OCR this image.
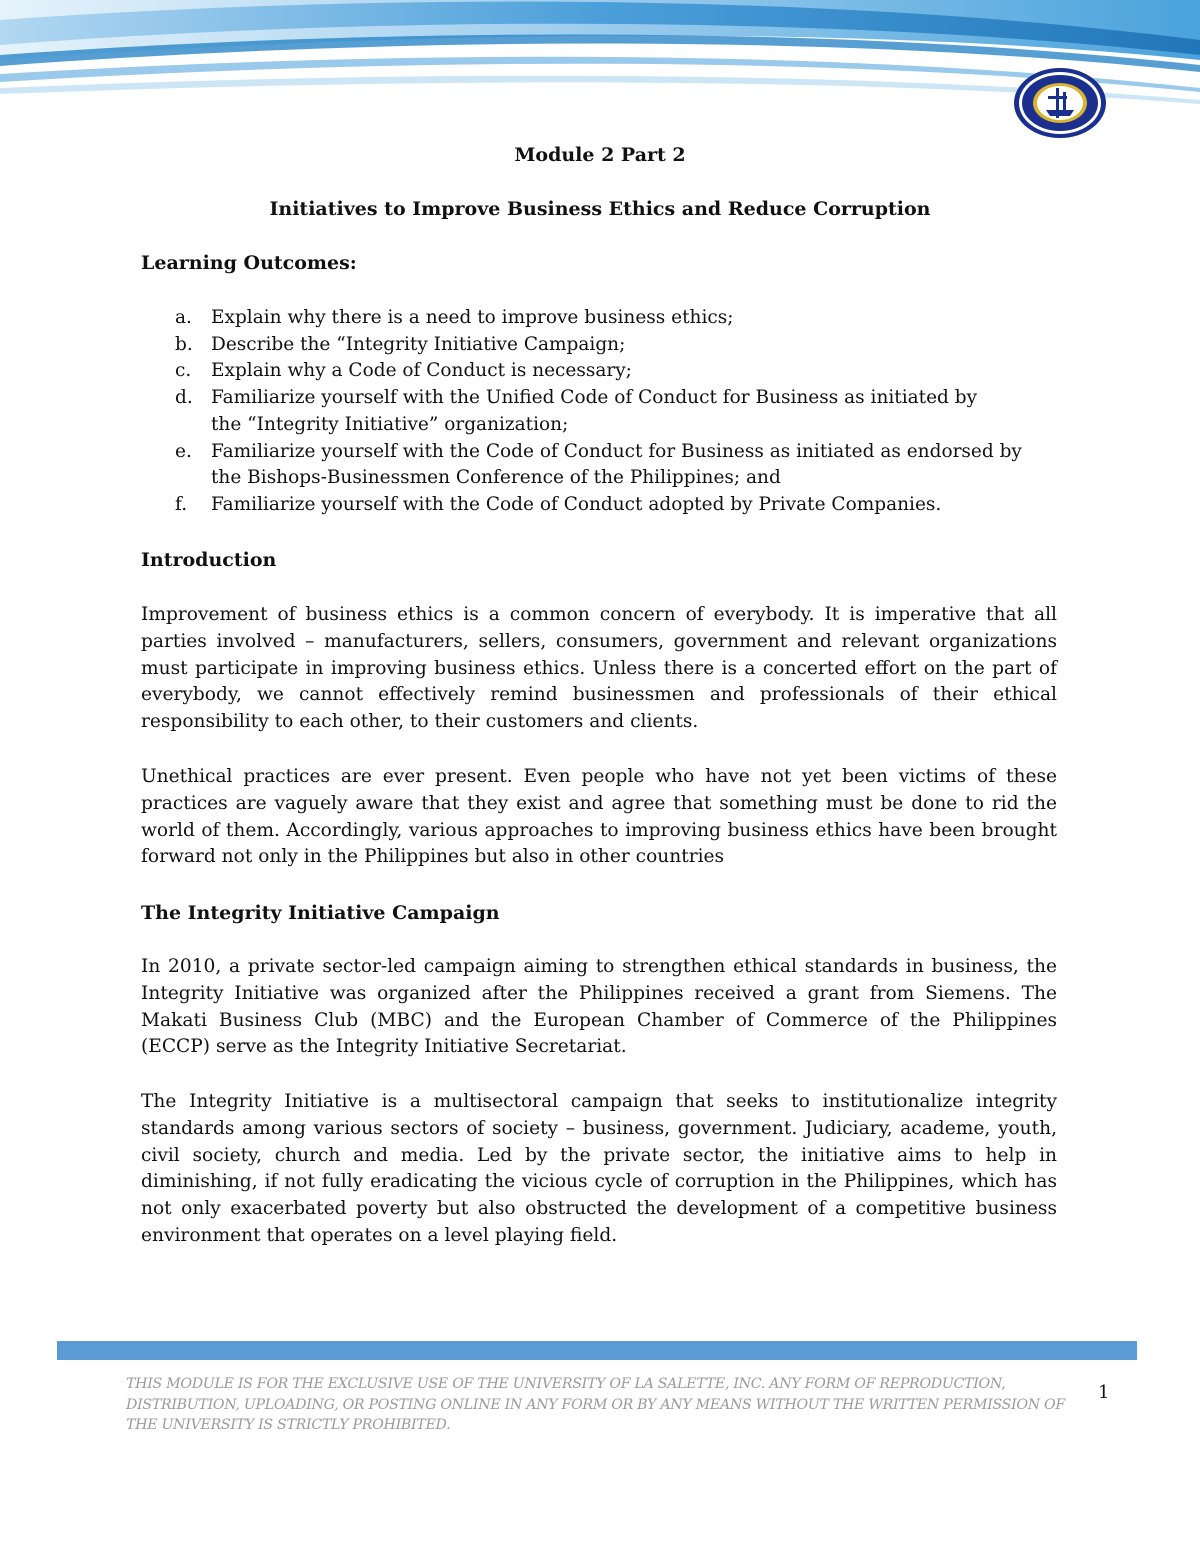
Module 2 Part 2
Initiatives to Improve Business Ethics and Reduce Corruption
Learning Outcomes:
a. Explain why there is a need to improve business ethics;
b. Describe the “Integrity Initiative Campaign;
c. Explain why a Code of Conduct is necessary;
d. Familiarize yourself with the Unified Code of Conduct for Business as initiated by
the “Integrity Initiative” organization;
e. Familiarize yourself with the Code of Conduct for Business as initiated as endorsed by
the Bishops-Businessmen Conference of the Philippines; and
f. Familiarize yourself with the Code of Conduct adopted by Private Companies.
Introduction

Improvement of business ethics is a common concern of everybody. It is imperative that all parties involved – manufacturers, sellers, consumers, government and relevant organizations must participate in improving business ethics. Unless there is a concerted effort on the part of everybody, we cannot effectively remind businessmen and professionals of their ethical responsibility to each other, to their customers and clients.

Unethical practices are ever present. Even people who have not yet been victims of these practices are vaguely aware that they exist and agree that something must be done to rid the world of them. Accordingly, various approaches to improving business ethics have been brought forward not only in the Philippines but also in other countries

The Integrity Initiative Campaign

In 2010, a private sector-led campaign aiming to strengthen ethical standards in business, the Integrity Initiative was organized after the Philippines received a grant from Siemens. The Makati Business Club (MBC) and the European Chamber of Commerce of the Philippines (ECCP) serve as the Integrity Initiative Secretariat.

The Integrity Initiative is a multisectoral campaign that seeks to institutionalize integrity standards among various sectors of society – business, government. Judiciary, academe, youth, civil society, church and media. Led by the private sector, the initiative aims to help in diminishing, if not fully eradicating the vicious cycle of corruption in the Philippines, which has not only exacerbated poverty but also obstructed the development of a competitive business environment that operates on a level playing field.

THIS MODULE IS FOR THE EXCLUSIVE USE OF THE UNIVERSITY OF LA SALETTE, INC. ANY FORM OF REPRODUCTION, DISTRIBUTION, UPLOADING, OR POSTING ONLINE IN ANY FORM OR BY ANY MEANS WITHOUT THE WRITTEN PERMISSION OF THE UNIVERSITY IS STRICTLY PROHIBITED.

1
